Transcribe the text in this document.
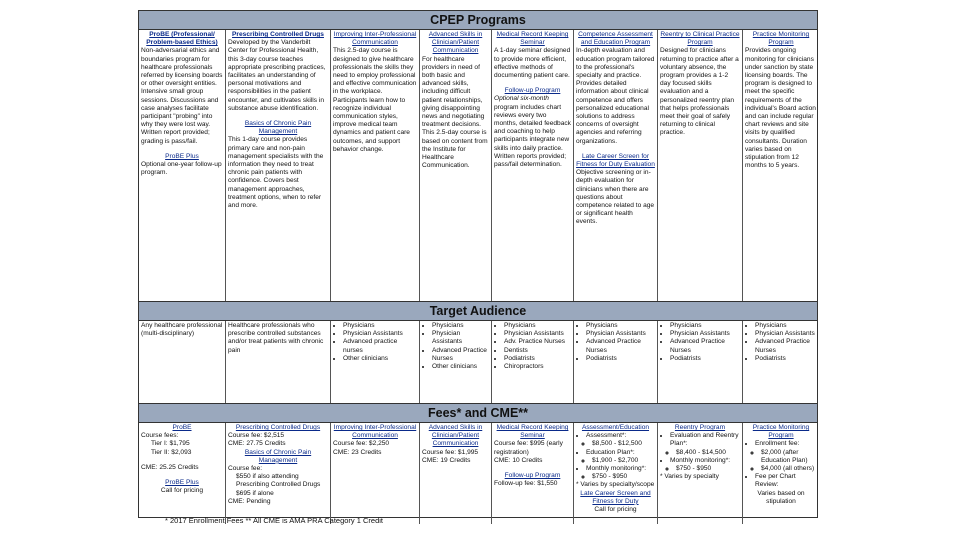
CPEP Programs
ProBE (Professional/ Problem-based Ethics)
Non-adversarial ethics and boundaries program for healthcare professionals referred by licensing boards or other oversight entities. Intensive small group sessions. Discussions and case analyses facilitate participant "probing" into why they were lost way. Written report provided; grading is pass/fail.
ProBE Plus
Optional one-year follow-up program.
Prescribing Controlled Drugs
Developed by the Vanderbilt Center for Professional Health, this 3-day course teaches appropriate prescribing practices, facilitates an understanding of personal motivations and responsibilities in the patient encounter, and cultivates skills in substance abuse identification.
Basics of Chronic Pain Management
This 1-day course provides primary care and non-pain management specialists with the information they need to treat chronic pain patients with confidence. Covers best management approaches, treatment options, when to refer and more.
Improving Inter-Professional Communication
This 2.5-day course is designed to give healthcare professionals the skills they need to employ professional and effective communication in the workplace. Participants learn how to recognize individual communication styles, improve medical team dynamics and patient care outcomes, and support behavior change.
Advanced Skills in Clinician/Patient Communication
For healthcare providers in need of both basic and advanced skills, including difficult patient relationships, giving disappointing news and negotiating treatment decisions. This 2.5-day course is based on content from the Institute for Healthcare Communication.
Medical Record Keeping Seminar
A 1-day seminar designed to provide more efficient, effective methods of documenting patient care.
Follow-up Program
Optional six-month program includes chart reviews every two months, detailed feedback and coaching to help participants integrate new skills into daily practice. Written reports provided; pass/fail determination.
Competence Assessment and Education Program
In-depth evaluation and education program tailored to the professional's specialty and practice. Provides detailed information about clinical competence and offers personalized educational solutions to address concerns of oversight agencies and referring organizations.
Late Career Screen for Fitness for Duty Evaluation
Objective screening or in-depth evaluation for clinicians when there are questions about competence related to age or significant health events.
Reentry to Clinical Practice Program
Designed for clinicians returning to practice after a voluntary absence, the program provides a 1-2 day focused skills evaluation and a personalized reentry plan that helps professionals meet their goal of safely returning to clinical practice.
Practice Monitoring Program
Provides ongoing monitoring for clinicians under sanction by state licensing boards. The program is designed to meet the specific requirements of the individual's Board action and can include regular chart reviews and site visits by qualified consultants. Duration varies based on stipulation from 12 months to 5 years.
Target Audience
Any healthcare professional (multi-disciplinary)
Healthcare professionals who prescribe controlled substances and/or treat patients with chronic pain
• Physicians
• Physician Assistants
• Advanced practice nurses
• Other clinicians
• Physicians
• Physician Assistants
• Advanced Practice Nurses
• Other clinicians
• Physicians
• Physician Assistants
• Adv. Practice Nurses
• Dentists
• Podiatrists
• Chiropractors
• Physicians
• Physician Assistants
• Advanced Practice Nurses
• Podiatrists
• Physicians
• Physician Assistants
• Advanced Practice Nurses
• Podiatrists
• Physicians
• Physician Assistants
• Advanced Practice Nurses
• Podiatrists
Fees* and CME**
ProBE
Course fees:
Tier I: $1,795
Tier II: $2,093
CME: 25.25 Credits
ProBE Plus
Call for pricing
Prescribing Controlled Drugs
Course fee: $2,515
CME: 27.75 Credits
Basics of Chronic Pain Management
Course fee:
$550 if also attending
Prescribing Controlled Drugs
$695 if alone
CME: Pending
Improving Inter-Professional Communication
Course fee: $2,250
CME: 23 Credits
Advanced Skills in Clinician/Patient Communication
Course fee: $1,995
CME: 19 Credits
Medical Record Keeping Seminar
Course fee: $995 (early registration)
CME: 10 Credits
Follow-up Program
Follow-up fee: $1,550
Assessment/Education
• Assessment*:
◦ $8,500 - $12,500
• Education Plan*:
◦ $1,900 - $2,700
• Monthly monitoring*:
◦ $750 - $950
* Varies by specialty/scope
Late Career Screen and Fitness for Duty
Call for pricing
Reentry Program
• Evaluation and Reentry Plan*:
◦ $8,400 - $14,500
• Monthly monitoring*:
◦ $750 - $950
* Varies by specialty
Practice Monitoring Program
• Enrollment fee:
◦ $2,000 (after Education Plan)
◦ $4,000 (all others)
• Fee per Chart Review:
Varies based on stipulation
* 2017 Enrollment Fees ** All CME is AMA PRA Category 1 Credit
